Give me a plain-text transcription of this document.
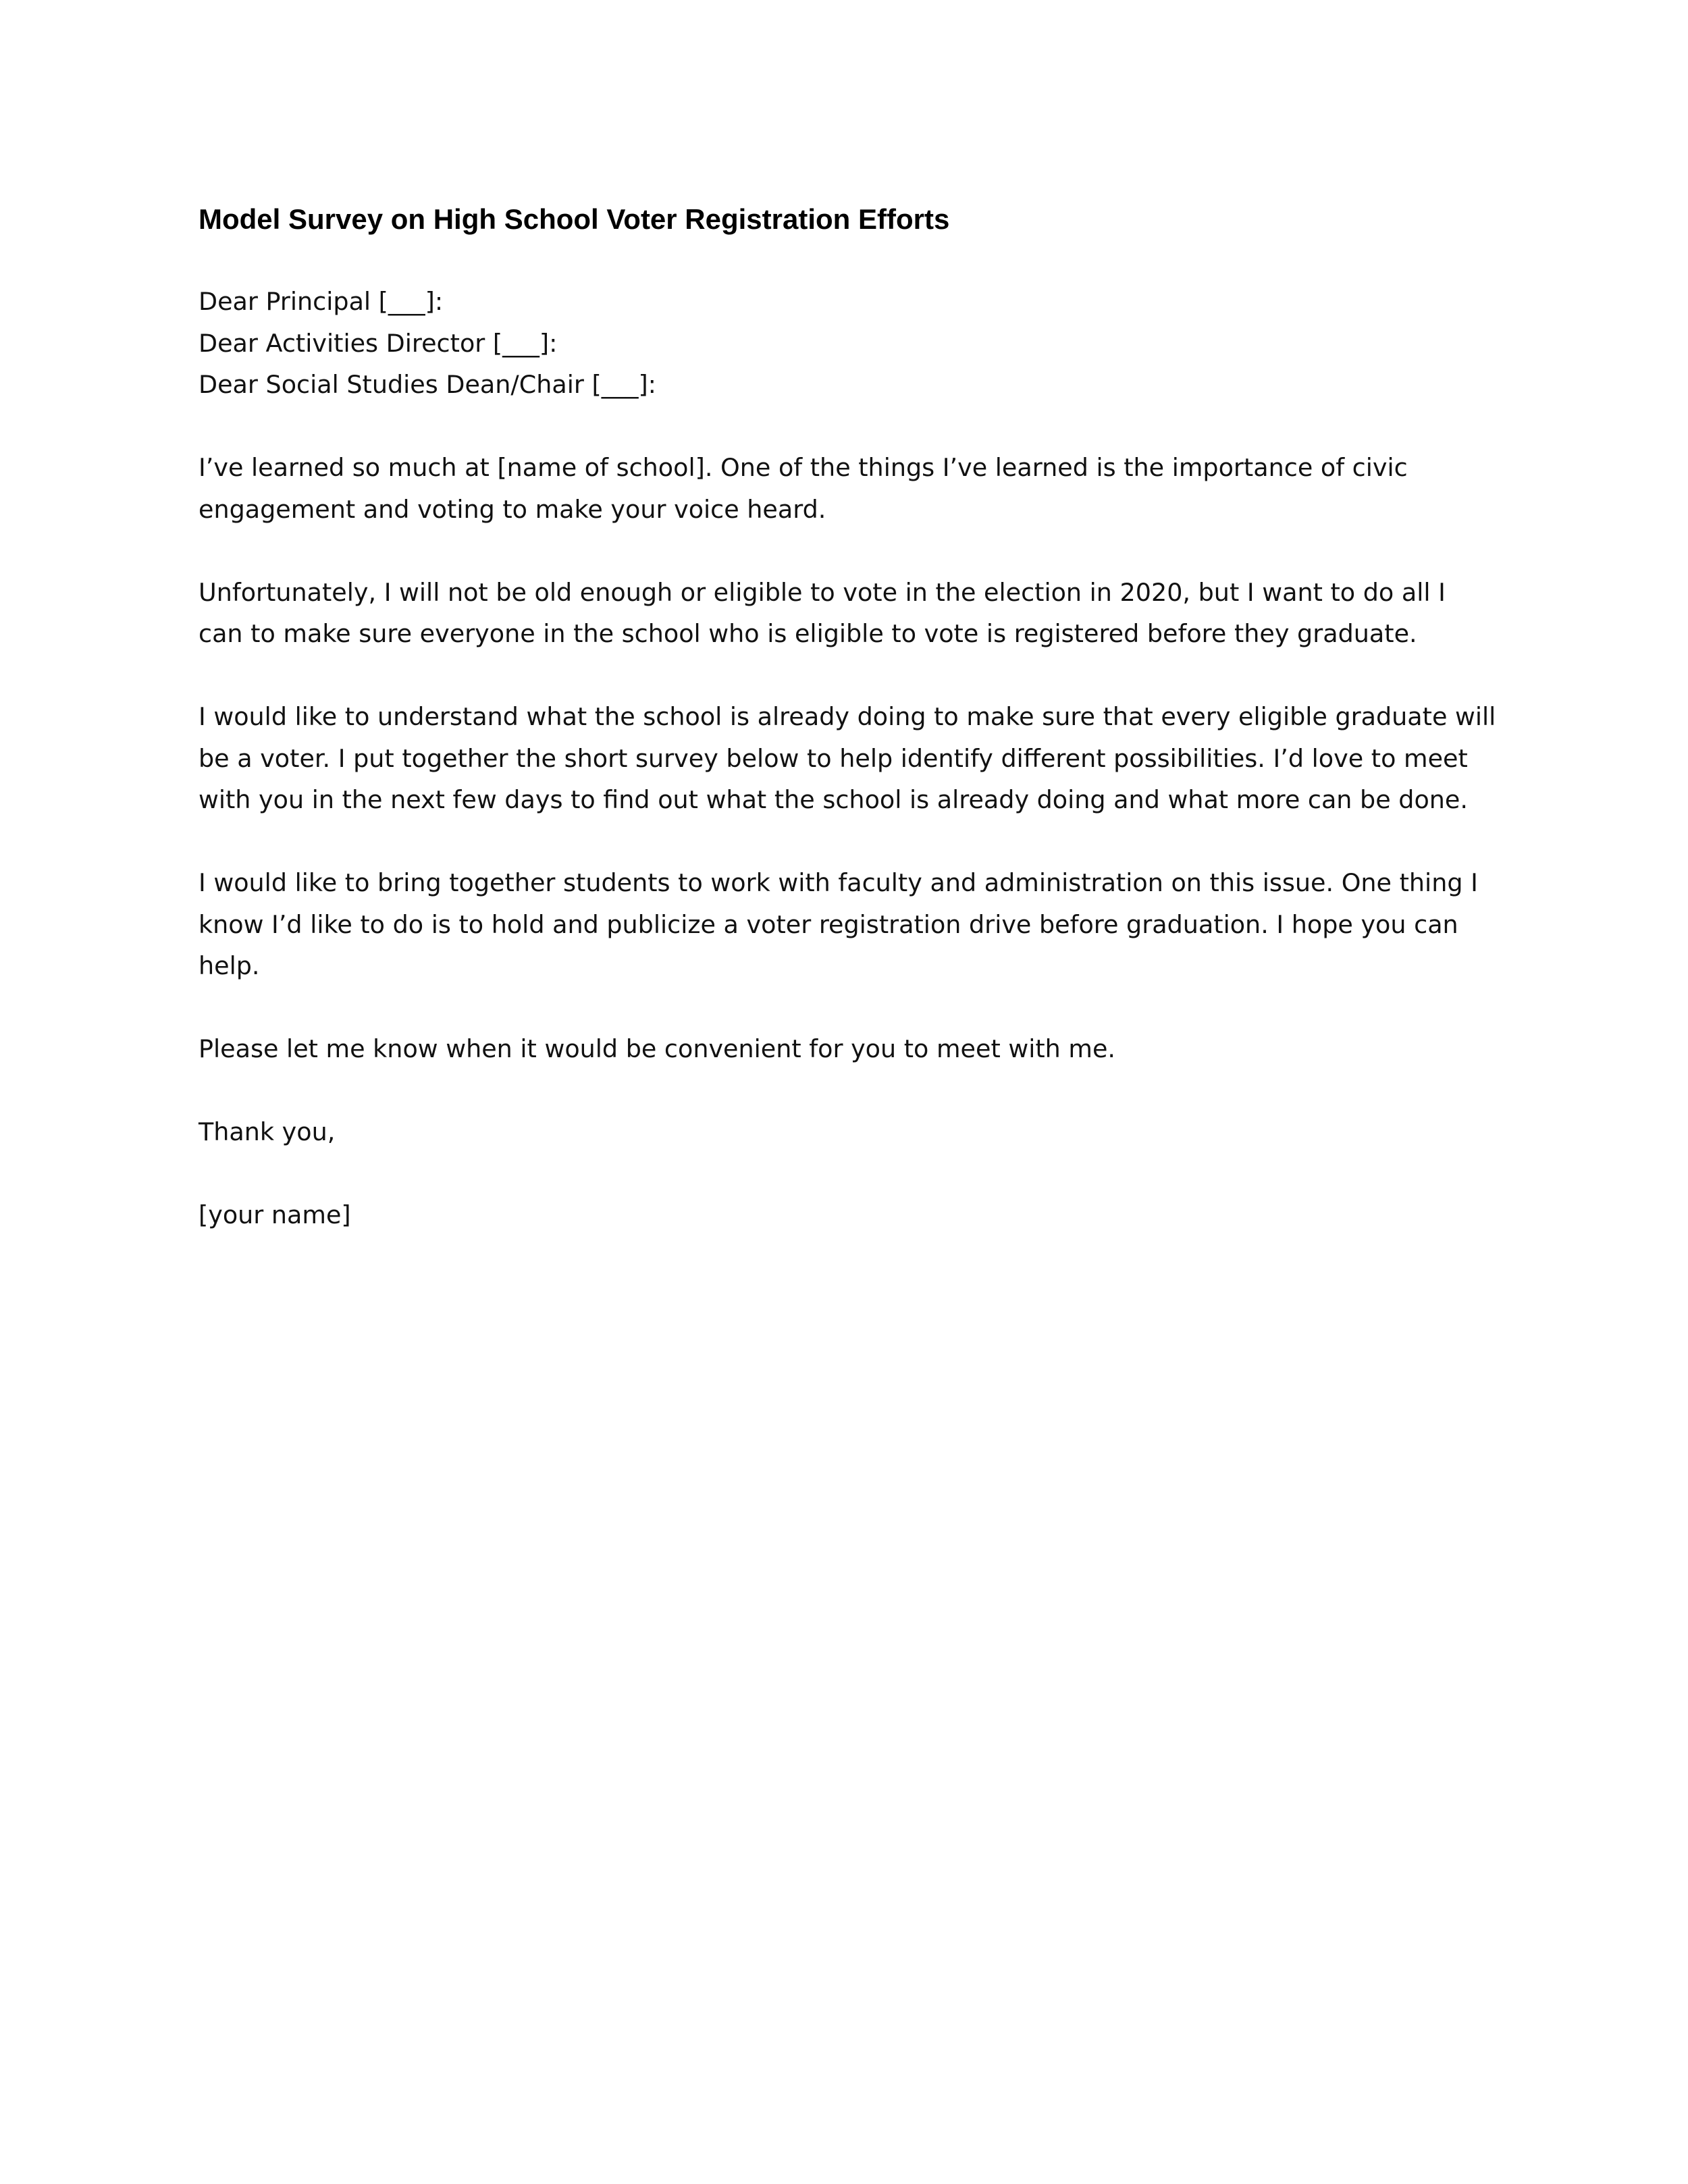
Model Survey on High School Voter Registration Efforts
Dear Principal [___]:
Dear Activities Director [___]:
Dear Social Studies Dean/Chair [___]:

I’ve learned so much at [name of school]. One of the things I’ve learned is the importance of civic
engagement and voting to make your voice heard.

Unfortunately, I will not be old enough or eligible to vote in the election in 2020, but I want to do all I
can to make sure everyone in the school who is eligible to vote is registered before they graduate.

I would like to understand what the school is already doing to make sure that every eligible graduate will
be a voter. I put together the short survey below to help identify different possibilities. I’d love to meet
with you in the next few days to find out what the school is already doing and what more can be done.

I would like to bring together students to work with faculty and administration on this issue. One thing I
know I’d like to do is to hold and publicize a voter registration drive before graduation. I hope you can
help.

Please let me know when it would be convenient for you to meet with me.

Thank you,

[your name]
